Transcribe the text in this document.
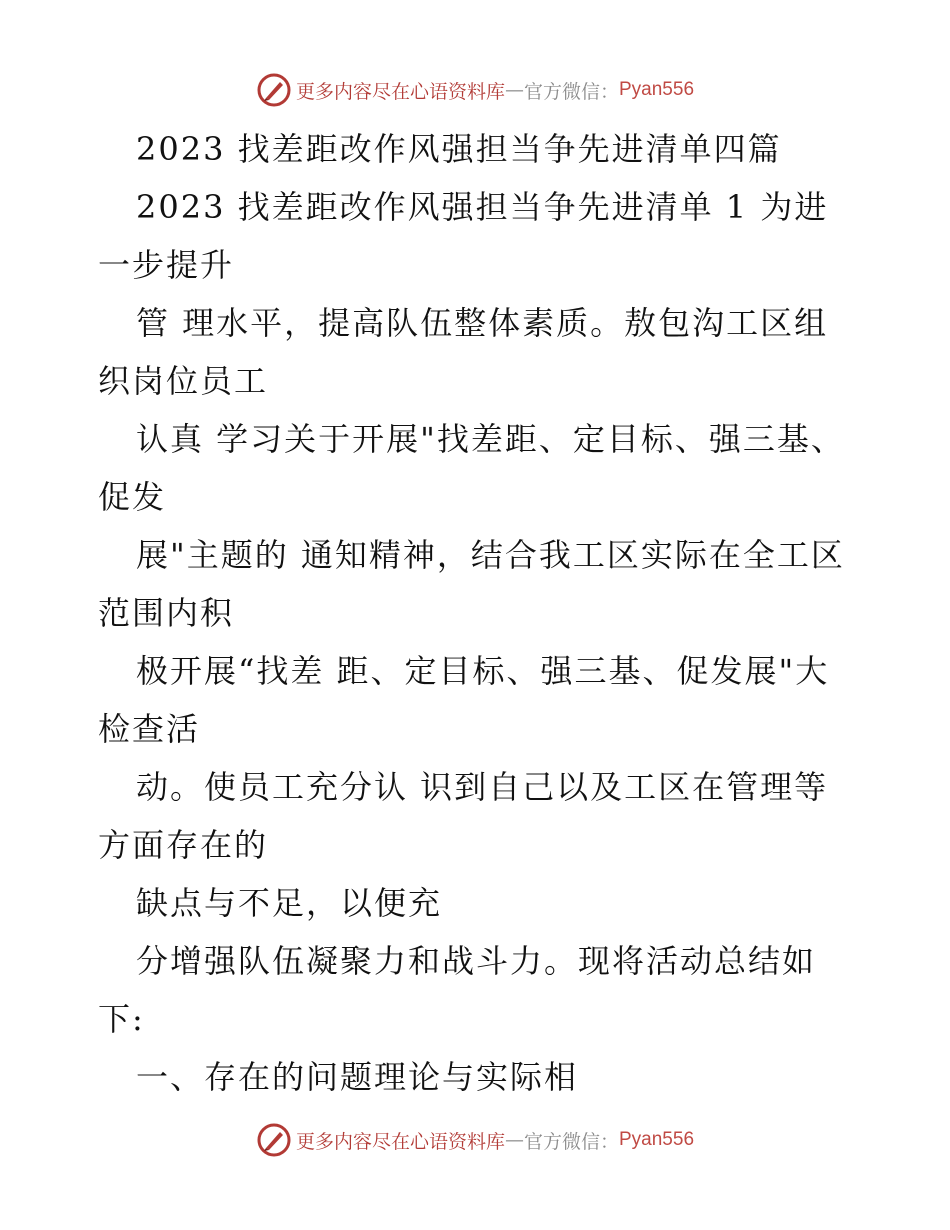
更多内容尽在心语资料库 — 官方微信： Pyan556

2023 找差距改作风强担当争先进清单四篇

2023 找差距改作风强担当争先进清单 1 为进一步提升

管 理水平，提高队伍整体素质。敖包沟工区组织岗位员工

认真 学习关于开展"找差距、定目标、强三基、促发

展"主题的 通知精神，结合我工区实际在全工区范围内积

极开展“找差 距、定目标、强三基、促发展"大检查活

动。使员工充分认 识到自己以及工区在管理等方面存在的

缺点与不足，以便充

分增强队伍凝聚力和战斗力。现将活动总结如下:

一、存在的问题理论与实际相

更多内容尽在心语资料库 — 官方微信： Pyan556
